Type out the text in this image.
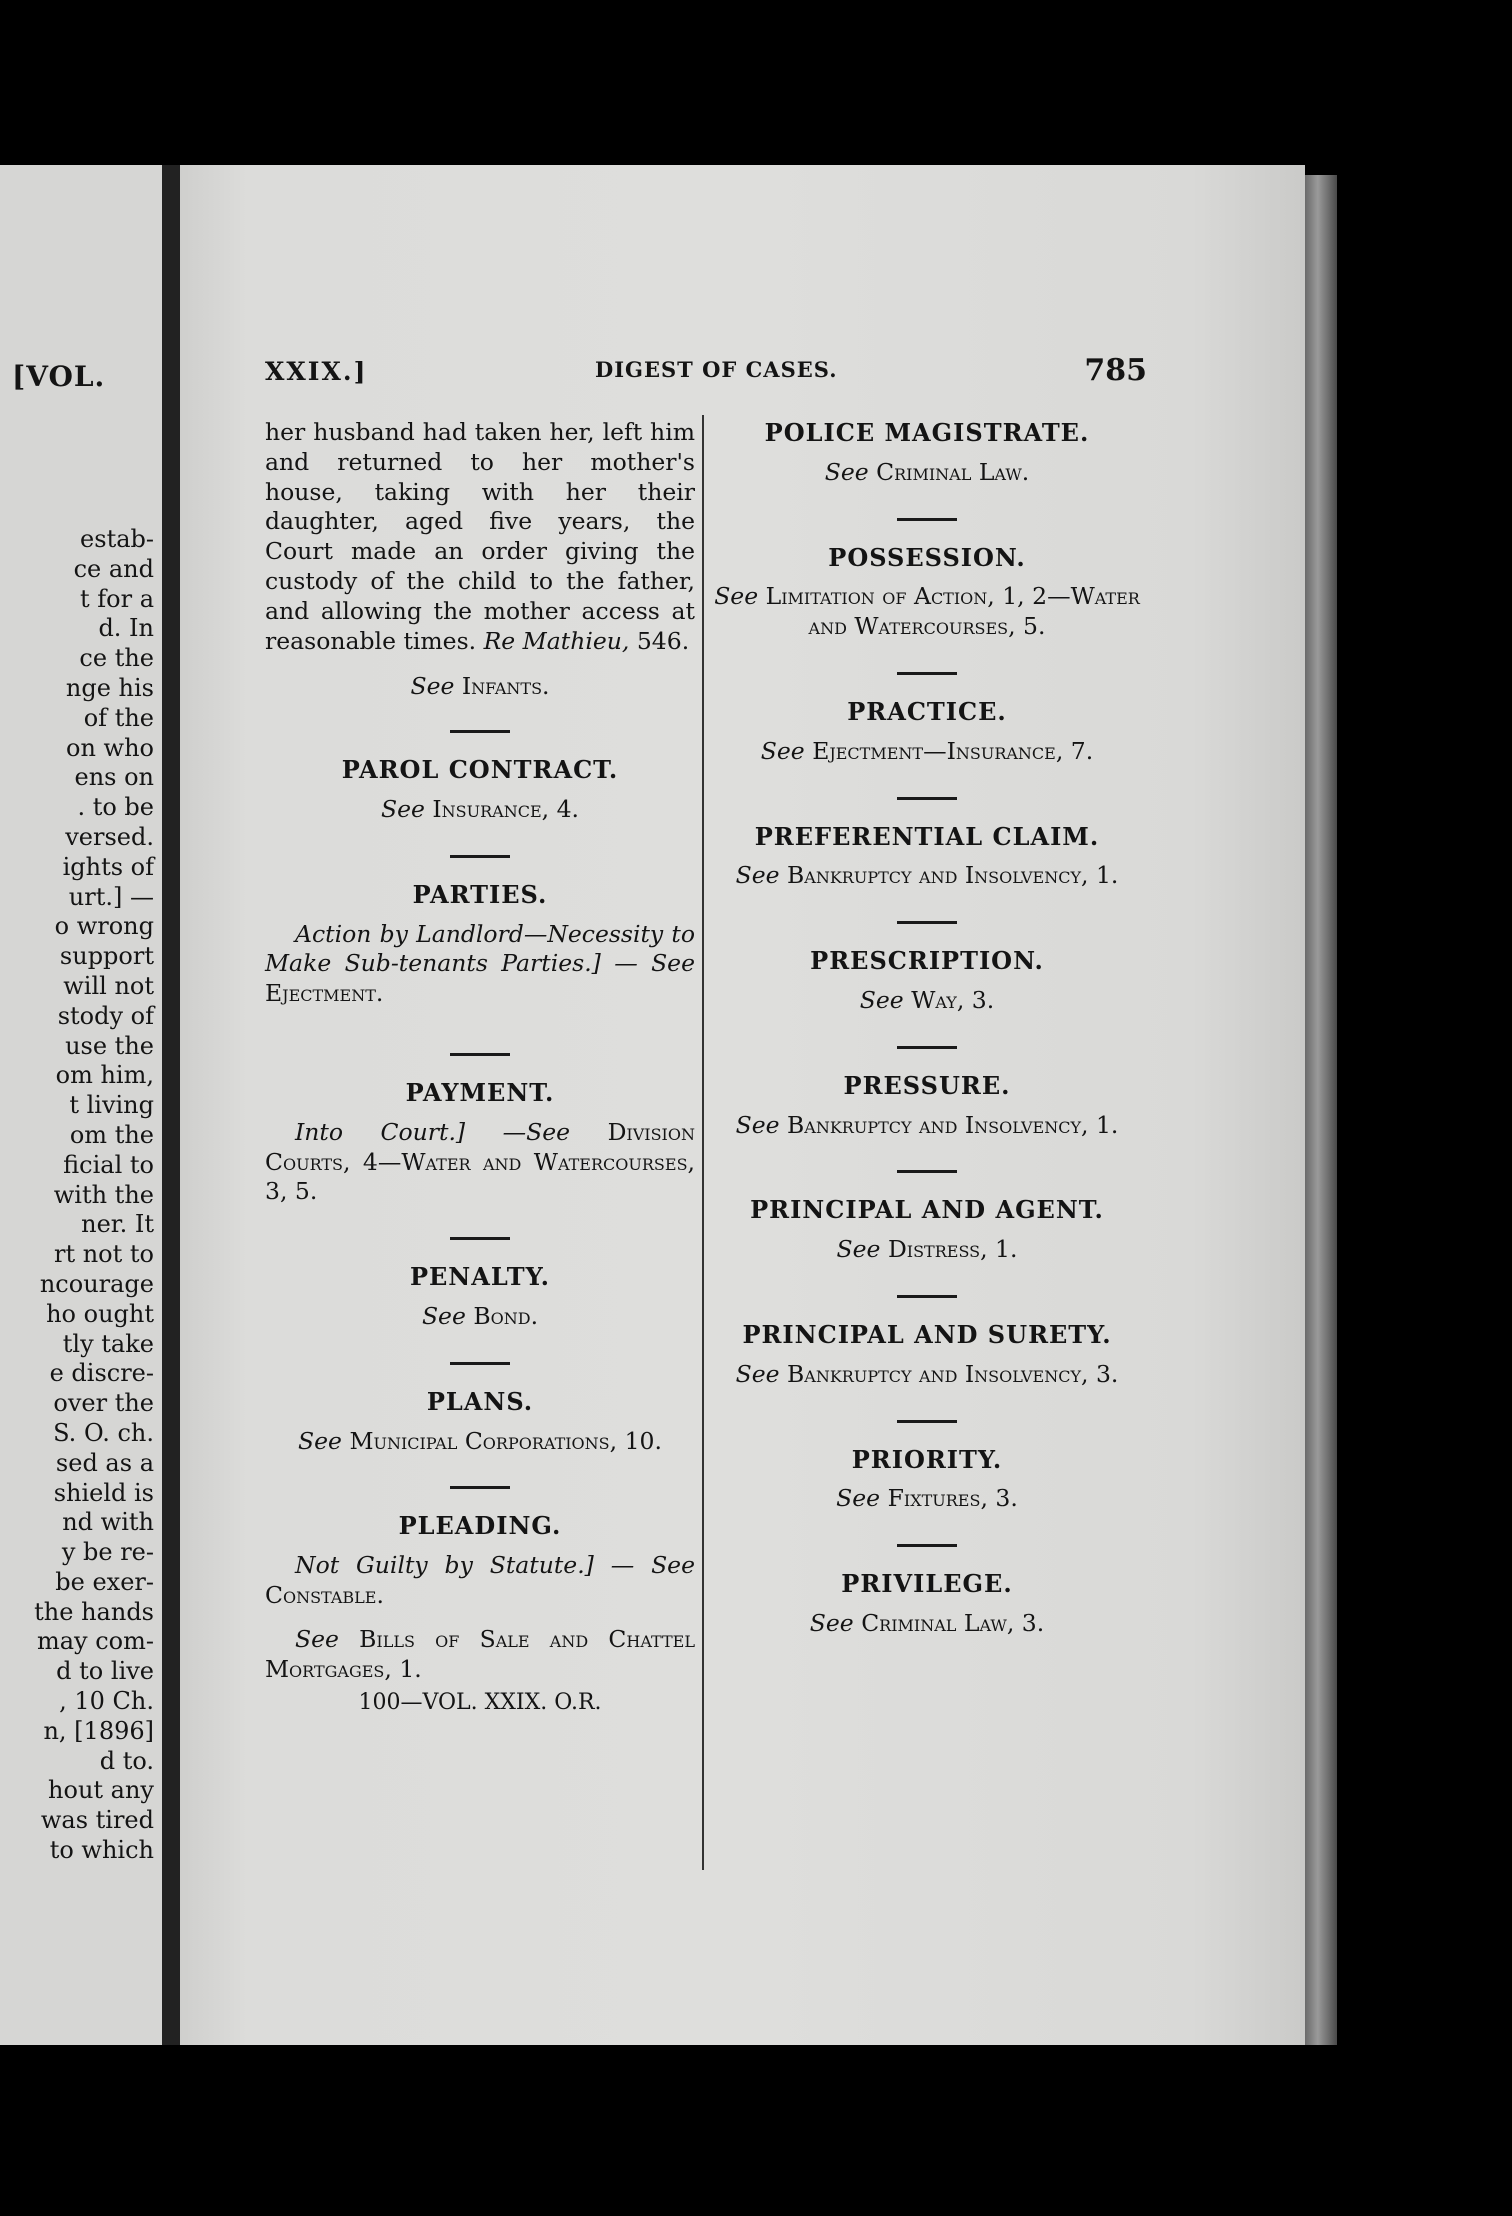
[VOL.
estab-
ce and
t for a
d. In
ce the
nge his
of the
on who
ens on
. to be
versed.
ights of
urt.] —
o wrong
support
will not
stody of
use the
om him,
t living
om the
ficial to
with the
ner. It
rt not to
ncourage
ho ought
tly take
e discre-
over the
S. O. ch.
sed as a
shield is
nd with
y be re-
be exer-
the hands
may com-
d to live
, 10 Ch.
n, [1896]
d to.
hout any
was tired
to which
XXIX.]	DIGEST OF CASES.	785
her husband had taken her, left him and returned to her mother's house, taking with her their daughter, aged five years, the Court made an order giving the custody of the child to the father, and allowing the mother access at reasonable times. Re Mathieu, 546.
See Infants.
PAROL CONTRACT.
See Insurance, 4.
PARTIES.
Action by Landlord—Necessity to Make Sub-tenants Parties.] — See Ejectment.
PAYMENT.
Into Court.] —See Division Courts, 4—Water and Watercourses, 3, 5.
PENALTY.
See Bond.
PLANS.
See Municipal Corporations, 10.
PLEADING.
Not Guilty by Statute.] — See Constable.
See Bills of Sale and Chattel Mortgages, 1.
100—VOL. XXIX. O.R.
POLICE MAGISTRATE.
See Criminal Law.
POSSESSION.
See Limitation of Action, 1, 2—Water and Watercourses, 5.
PRACTICE.
See Ejectment—Insurance, 7.
PREFERENTIAL CLAIM.
See Bankruptcy and Insolvency, 1.
PRESCRIPTION.
See Way, 3.
PRESSURE.
See Bankruptcy and Insolvency, 1.
PRINCIPAL AND AGENT.
See Distress, 1.
PRINCIPAL AND SURETY.
See Bankruptcy and Insolvency, 3.
PRIORITY.
See Fixtures, 3.
PRIVILEGE.
See Criminal Law, 3.
